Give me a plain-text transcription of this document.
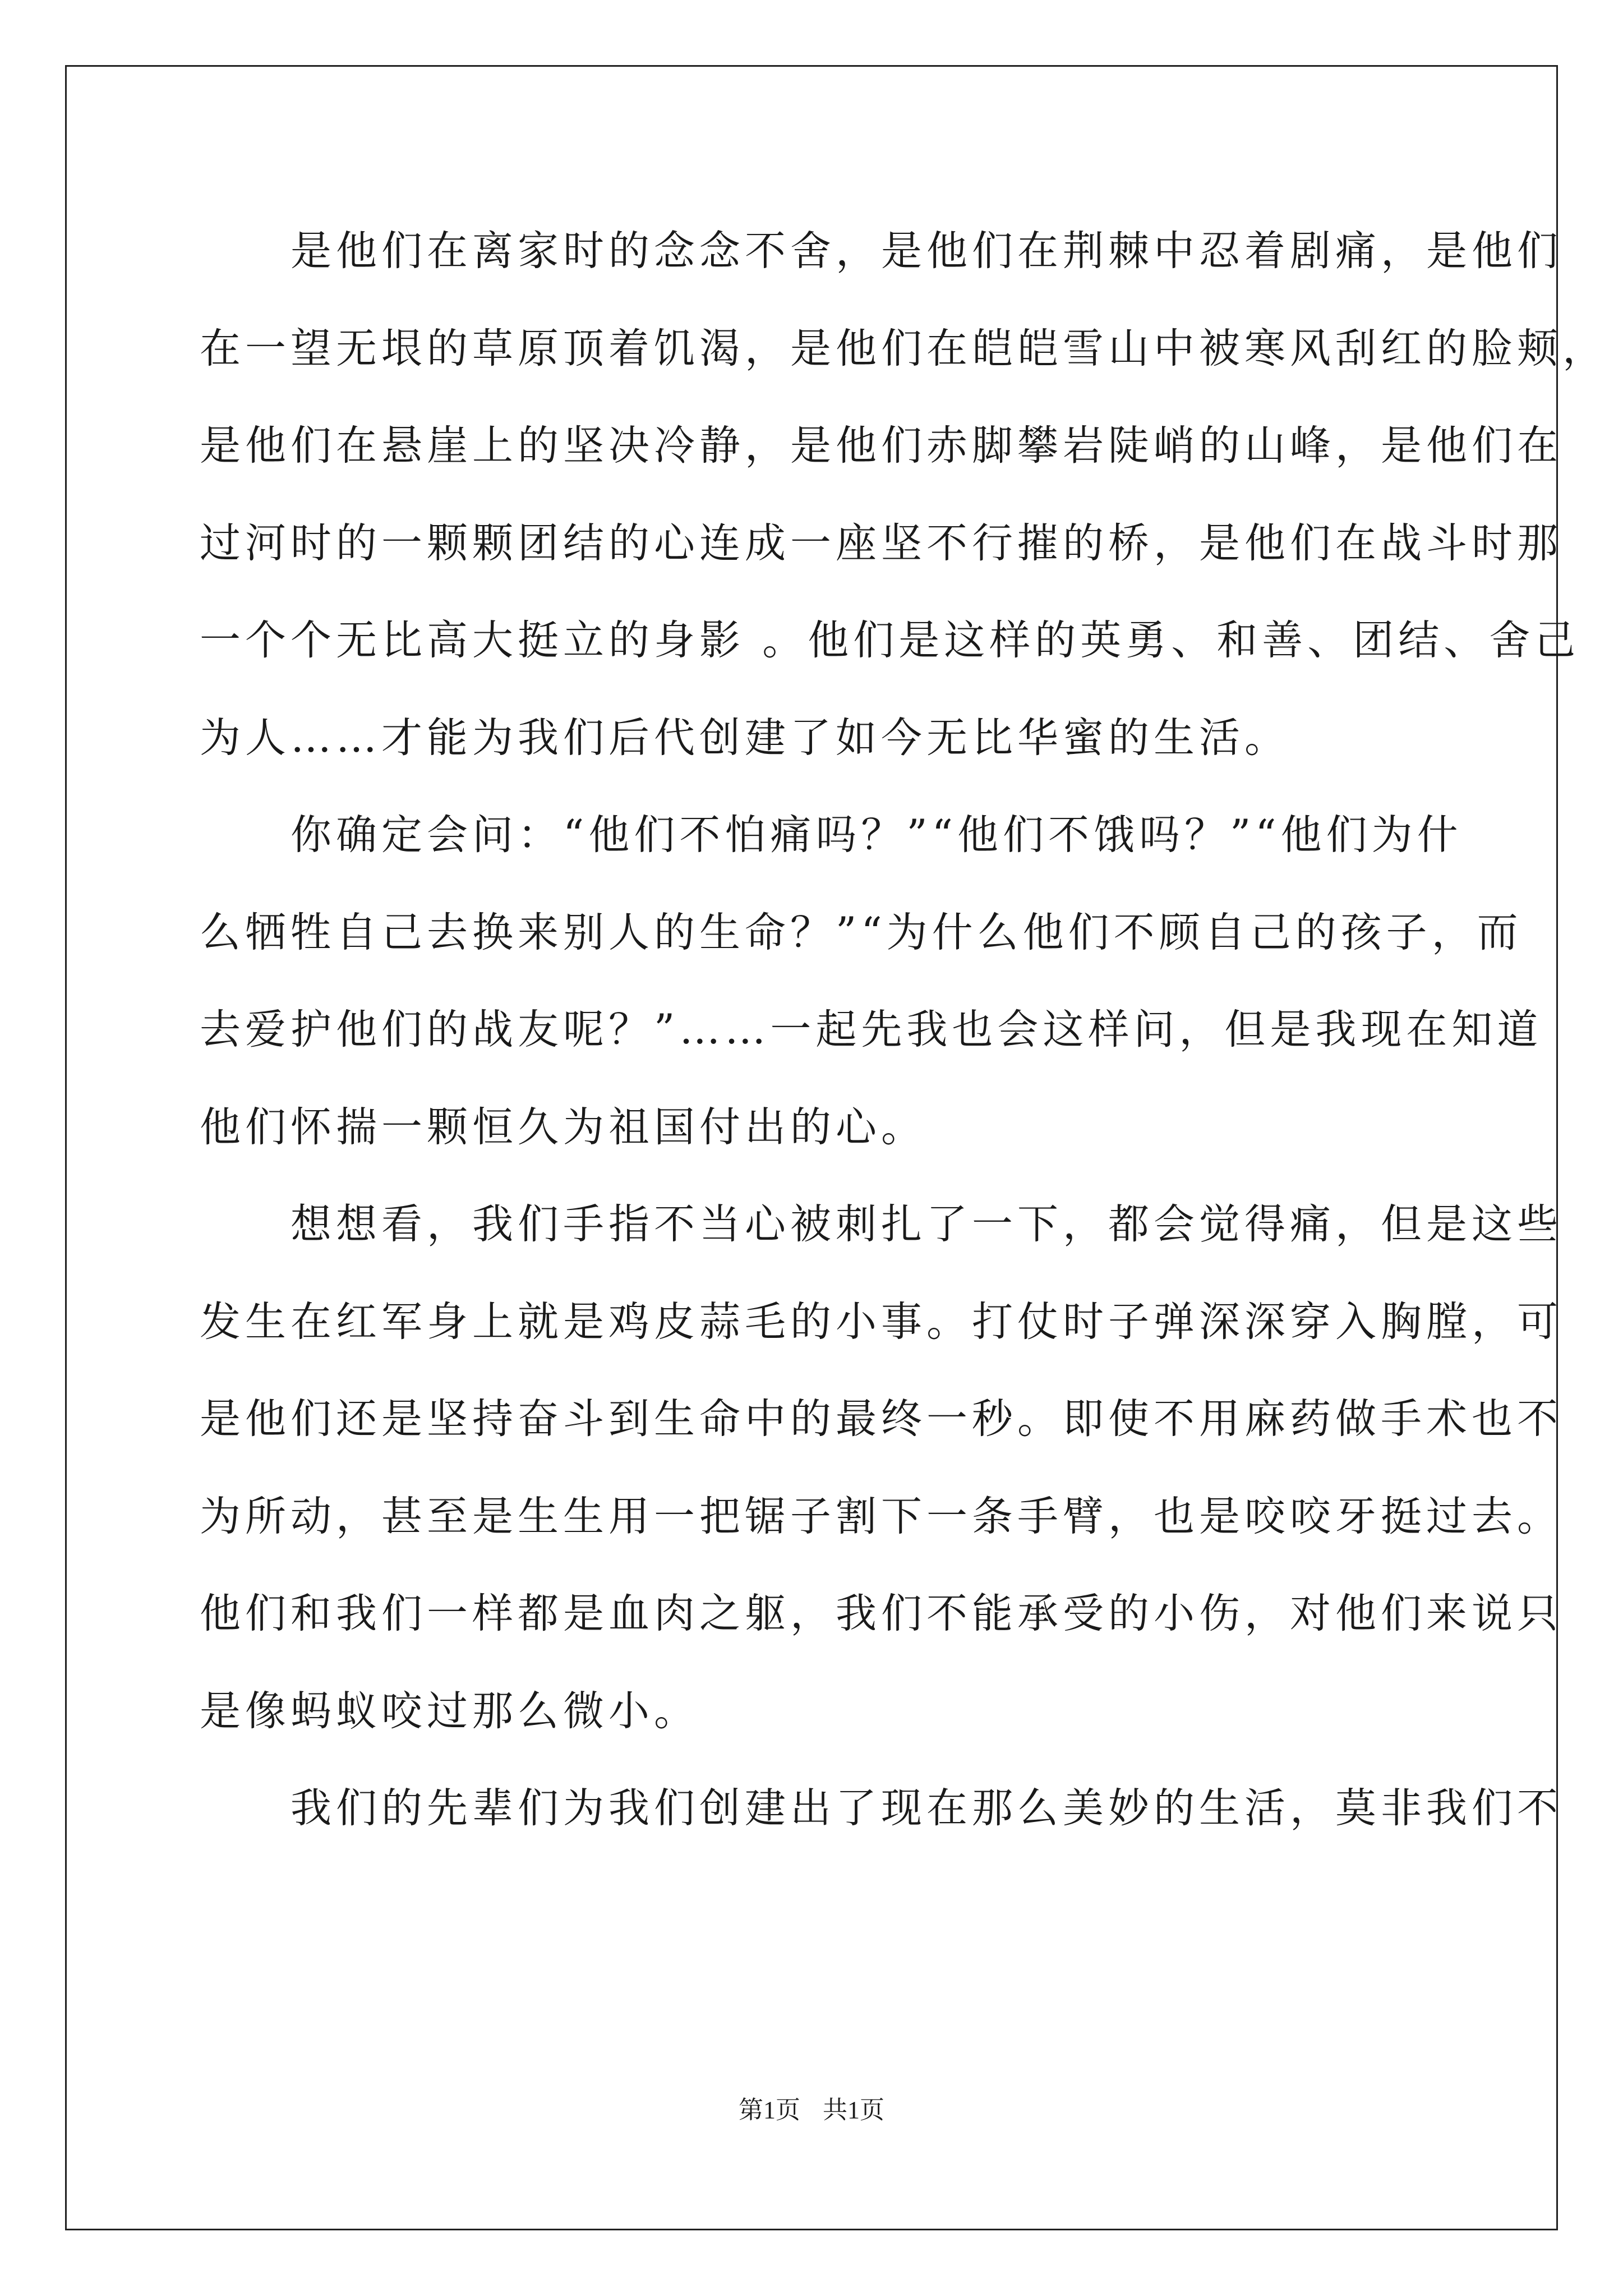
　　是他们在离家时的念念不舍，是他们在荆棘中忍着剧痛，是他们
在一望无垠的草原顶着饥渴，是他们在皑皑雪山中被寒风刮红的脸颊，
是他们在悬崖上的坚决冷静，是他们赤脚攀岩陡峭的山峰，是他们在
过河时的一颗颗团结的心连成一座坚不行摧的桥，是他们在战斗时那
一个个无比高大挺立的身影 。他们是这样的英勇、和善、团结、舍己
为人……才能为我们后代创建了如今无比华蜜的生活。
　　你确定会问：“他们不怕痛吗？”“他们不饿吗？”“他们为什
么牺牲自己去换来别人的生命？”“为什么他们不顾自己的孩子，而
去爱护他们的战友呢？”……一起先我也会这样问，但是我现在知道
他们怀揣一颗恒久为祖国付出的心。
　　想想看，我们手指不当心被刺扎了一下，都会觉得痛，但是这些
发生在红军身上就是鸡皮蒜毛的小事。打仗时子弹深深穿入胸膛，可
是他们还是坚持奋斗到生命中的最终一秒。即使不用麻药做手术也不
为所动，甚至是生生用一把锯子割下一条手臂，也是咬咬牙挺过去。
他们和我们一样都是血肉之躯，我们不能承受的小伤，对他们来说只
是像蚂蚁咬过那么微小。
　　我们的先辈们为我们创建出了现在那么美妙的生活，莫非我们不
第1页 共1页
